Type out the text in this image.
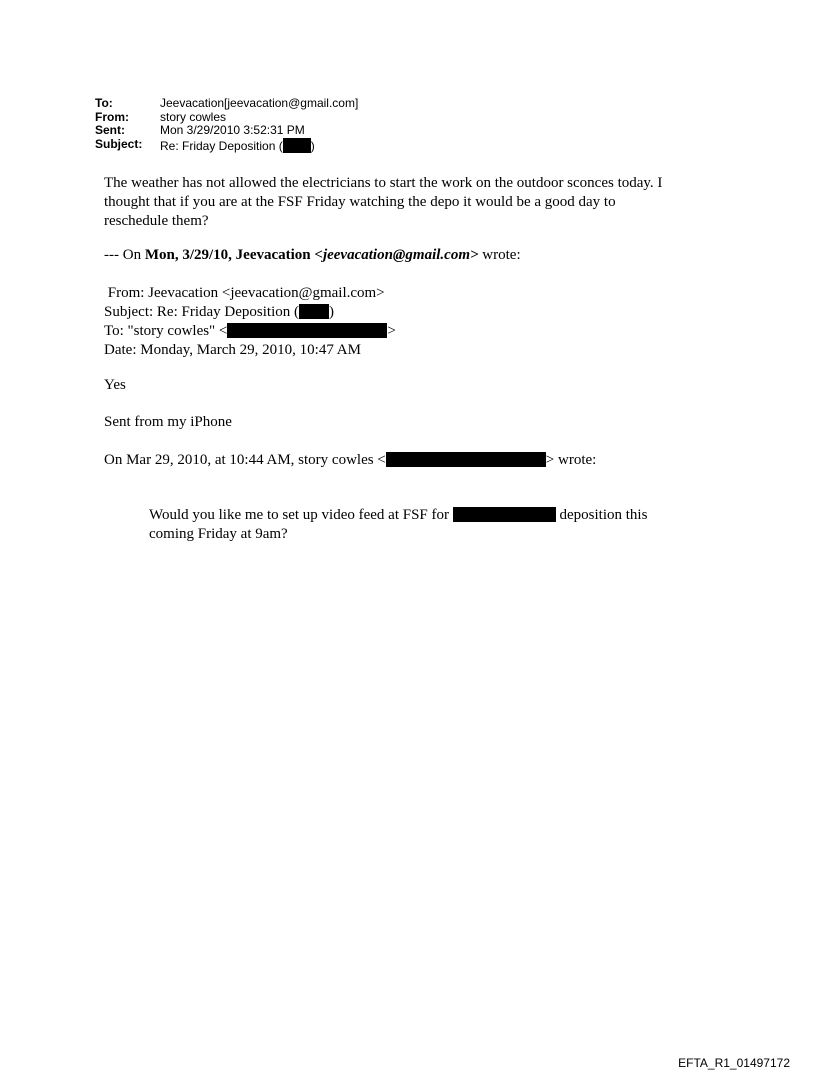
To:	Jeevacation[jeevacation@gmail.com]
From:	story cowles
Sent:	Mon 3/29/2010 3:52:31 PM
Subject:	Re: Friday Deposition ( )
The weather has not allowed the electricians to start the work on the outdoor sconces today. I
thought that if you are at the FSF Friday watching the depo it would be a good day to
reschedule them?
--- On Mon, 3/29/10, Jeevacation <jeevacation@gmail.com> wrote:
From: Jeevacation <jeevacation@gmail.com>
Subject: Re: Friday Deposition ( )
To: "story cowles" <	>
Date: Monday, March 29, 2010, 10:47 AM
Yes
Sent from my iPhone
On Mar 29, 2010, at 10:44 AM, story cowles <	> wrote:
Would you like me to set up video feed at FSF for	deposition this
coming Friday at 9am?
EFTA_R1_01497172
